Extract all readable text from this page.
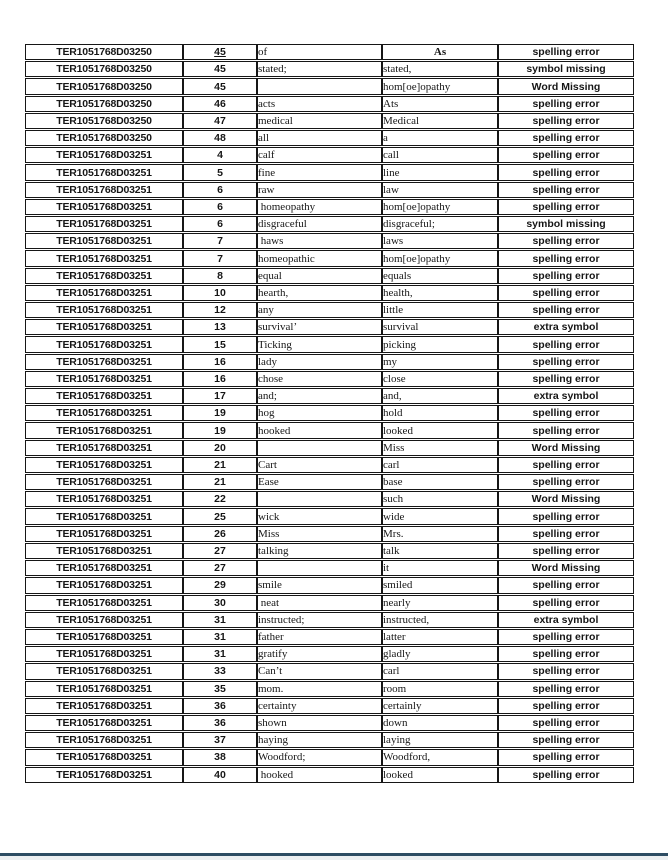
TER1051768D03250	45	of	As	spelling error
TER1051768D03250	45	stated;	stated,	symbol missing
TER1051768D03250	45		hom[oe]opathy	Word Missing
TER1051768D03250	46	acts	Ats	spelling error
TER1051768D03250	47	medical	Medical	spelling error
TER1051768D03250	48	all	a	spelling error
TER1051768D03251	4	calf	call	spelling error
TER1051768D03251	5	fine	line	spelling error
TER1051768D03251	6	raw	law	spelling error
TER1051768D03251	6	homeopathy	hom[oe]opathy	spelling error
TER1051768D03251	6	disgraceful	disgraceful;	symbol missing
TER1051768D03251	7	haws	laws	spelling error
TER1051768D03251	7	homeopathic	hom[oe]opathy	spelling error
TER1051768D03251	8	equal	equals	spelling error
TER1051768D03251	10	hearth,	health,	spelling error
TER1051768D03251	12	any	little	spelling error
TER1051768D03251	13	survival’	survival	extra symbol
TER1051768D03251	15	Ticking	picking	spelling error
TER1051768D03251	16	lady	my	spelling error
TER1051768D03251	16	chose	close	spelling error
TER1051768D03251	17	and;	and,	extra symbol
TER1051768D03251	19	hog	hold	spelling error
TER1051768D03251	19	hooked	looked	spelling error
TER1051768D03251	20		Miss	Word Missing
TER1051768D03251	21	Cart	carl	spelling error
TER1051768D03251	21	Ease	base	spelling error
TER1051768D03251	22		such	Word Missing
TER1051768D03251	25	wick	wide	spelling error
TER1051768D03251	26	Miss	Mrs.	spelling error
TER1051768D03251	27	talking	talk	spelling error
TER1051768D03251	27		it	Word Missing
TER1051768D03251	29	smile	smiled	spelling error
TER1051768D03251	30	neat	nearly	spelling error
TER1051768D03251	31	instructed;	instructed,	extra symbol
TER1051768D03251	31	father	latter	spelling error
TER1051768D03251	31	gratify	gladly	spelling error
TER1051768D03251	33	Can’t	carl	spelling error
TER1051768D03251	35	mom.	room	spelling error
TER1051768D03251	36	certainty	certainly	spelling error
TER1051768D03251	36	shown	down	spelling error
TER1051768D03251	37	haying	laying	spelling error
TER1051768D03251	38	Woodford;	Woodford,	spelling error
TER1051768D03251	40	hooked	looked	spelling error
